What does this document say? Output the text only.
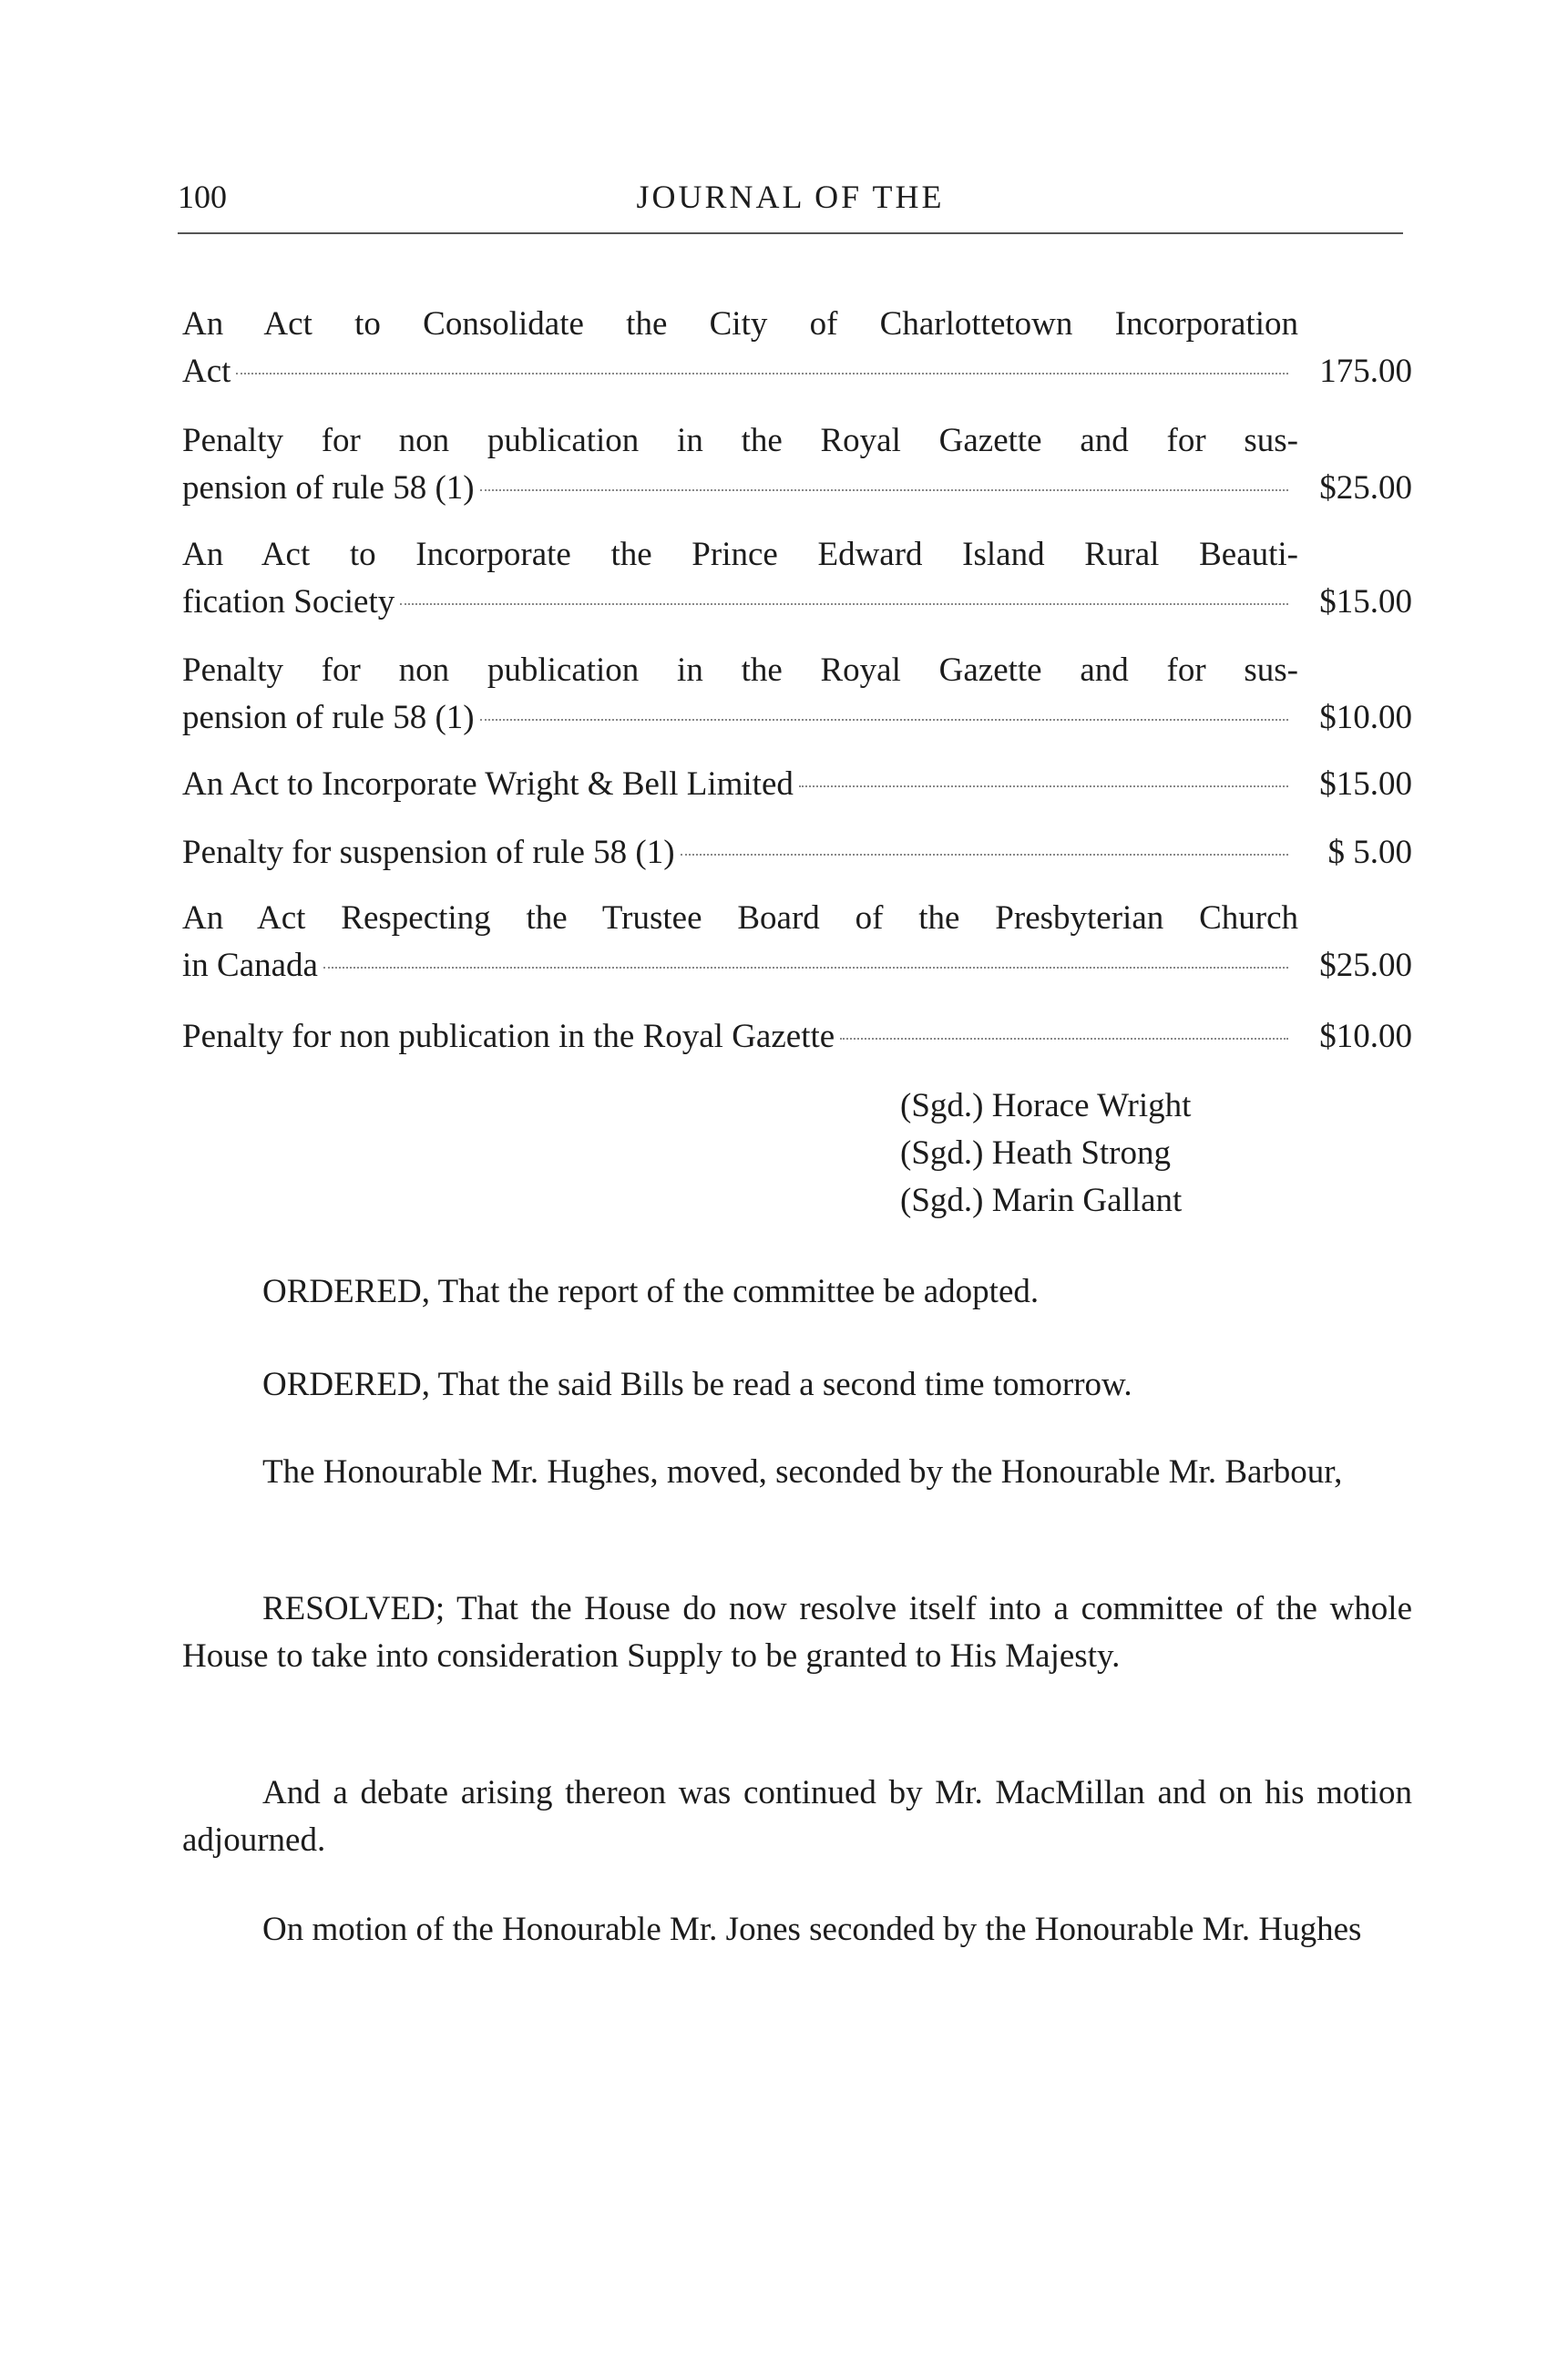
100	JOURNAL OF THE
An Act to Consolidate the City of Charlottetown Incorporation
Act	175.00
Penalty for non publication in the Royal Gazette and for sus-
pension of rule 58 (1)	$25.00
An Act to Incorporate the Prince Edward Island Rural Beauti-
fication Society	$15.00
Penalty for non publication in the Royal Gazette and for sus-
pension of rule 58 (1)	$10.00
An Act to Incorporate Wright & Bell Limited	$15.00
Penalty for suspension of rule 58 (1)	$ 5.00
An Act Respecting the Trustee Board of the Presbyterian Church
in Canada	$25.00
Penalty for non publication in the Royal Gazette	$10.00
(Sgd.) Horace Wright
(Sgd.) Heath Strong
(Sgd.) Marin Gallant
ORDERED, That the report of the committee be adopted.
ORDERED, That the said Bills be read a second time tomorrow.
The Honourable Mr. Hughes, moved, seconded by the Honourable Mr. Barbour,
RESOLVED; That the House do now resolve itself into a committee of the whole House to take into consideration Supply to be granted to His Majesty.
And a debate arising thereon was continued by Mr. MacMillan and on his motion adjourned.
On motion of the Honourable Mr. Jones seconded by the Honourable Mr. Hughes
